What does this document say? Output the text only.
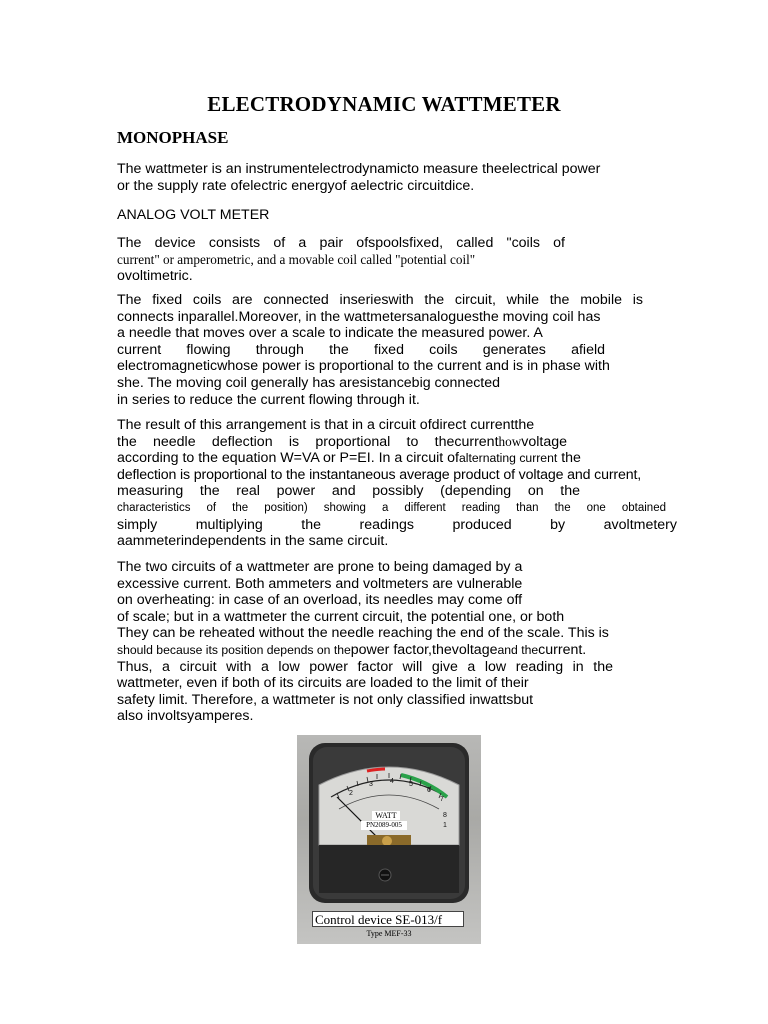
ELECTRODYNAMIC WATTMETER
MONOPHASE
The wattmeter is an instrumentelectrodynamicto measure theelectrical power
or the supply rate ofelectric energyof aelectric circuitdice.
ANALOG VOLT METER
The device consists of a pair ofspoolsfixed, called "coils of
current" or amperometric, and a movable coil called "potential coil"
ovoltimetric.
The fixed coils are connected inserieswith the circuit, while the mobile is
connects inparallel.Moreover, in the wattmetersanaloguesthe moving coil has
a needle that moves over a scale to indicate the measured power. A
current flowing through the fixed coils generates afield
electromagneticwhose power is proportional to the current and is in phase with
she. The moving coil generally has aresistancebig connected
in series to reduce the current flowing through it.
The result of this arrangement is that in a circuit ofdirect currentthe
the needle deflection is proportional to thecurrent how voltage
according to the equation W=VA or P=EI. In a circuit ofalternating current the
deflection is proportional to the instantaneous average product of voltage and current,
measuring the real power and possibly (depending on the
characteristics of the position) showing a different reading than the one obtained
simply multiplying the readings produced by avoltmetery
aammeterindependents in the same circuit.
The two circuits of a wattmeter are prone to being damaged by a
excessive current. Both ammeters and voltmeters are vulnerable
on overheating: in case of an overload, its needles may come off
of scale; but in a wattmeter the current circuit, the potential one, or both
They can be reheated without the needle reaching the end of the scale. This is
should because its position depends on thepower factor,thevoltageand thecurrent.
Thus, a circuit with a low power factor will give a low reading in the
wattmeter, even if both of its circuits are loaded to the limit of their
safety limit. Therefore, a wattmeter is not only classified inwattsbut
also involtsyamperes.
2
3 4 5
6
7
8
1
WATT
PN2089-005
Control device SE-013/f
Type MEF-33
